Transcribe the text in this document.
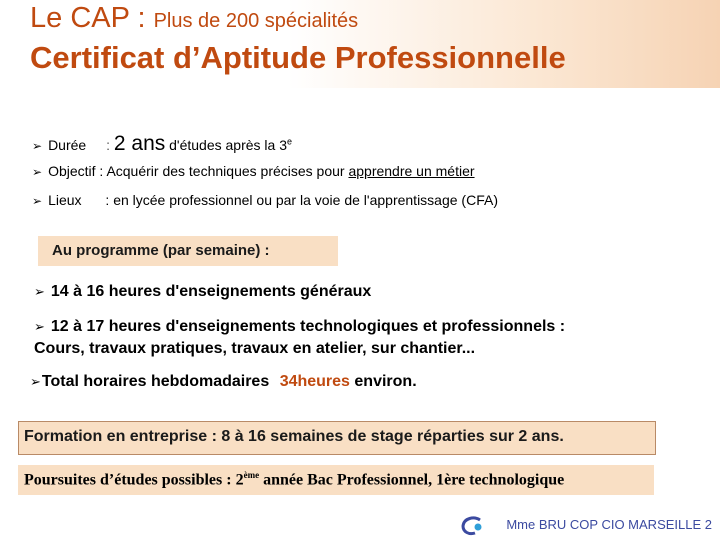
Le CAP : Plus de 200 spécialités
Certificat d’Aptitude Professionnelle
➢ Durée : 2 ans d'études après la 3e
➢ Objectif : Acquérir des techniques précises pour apprendre un métier
➢ Lieux : en lycée professionnel ou par la voie de l'apprentissage (CFA)
Au programme (par semaine) :
➢ 14 à 16 heures d'enseignements généraux
➢ 12 à 17 heures d'enseignements technologiques et professionnels :
Cours, travaux pratiques, travaux en atelier, sur chantier...
➢Total horaires hebdomadaires 34heures environ.
Formation en entreprise : 8 à 16 semaines de stage réparties sur 2 ans.
Poursuites d’études possibles : 2ème année Bac Professionnel, 1ère technologique
Mme BRU COP CIO MARSEILLE 2
